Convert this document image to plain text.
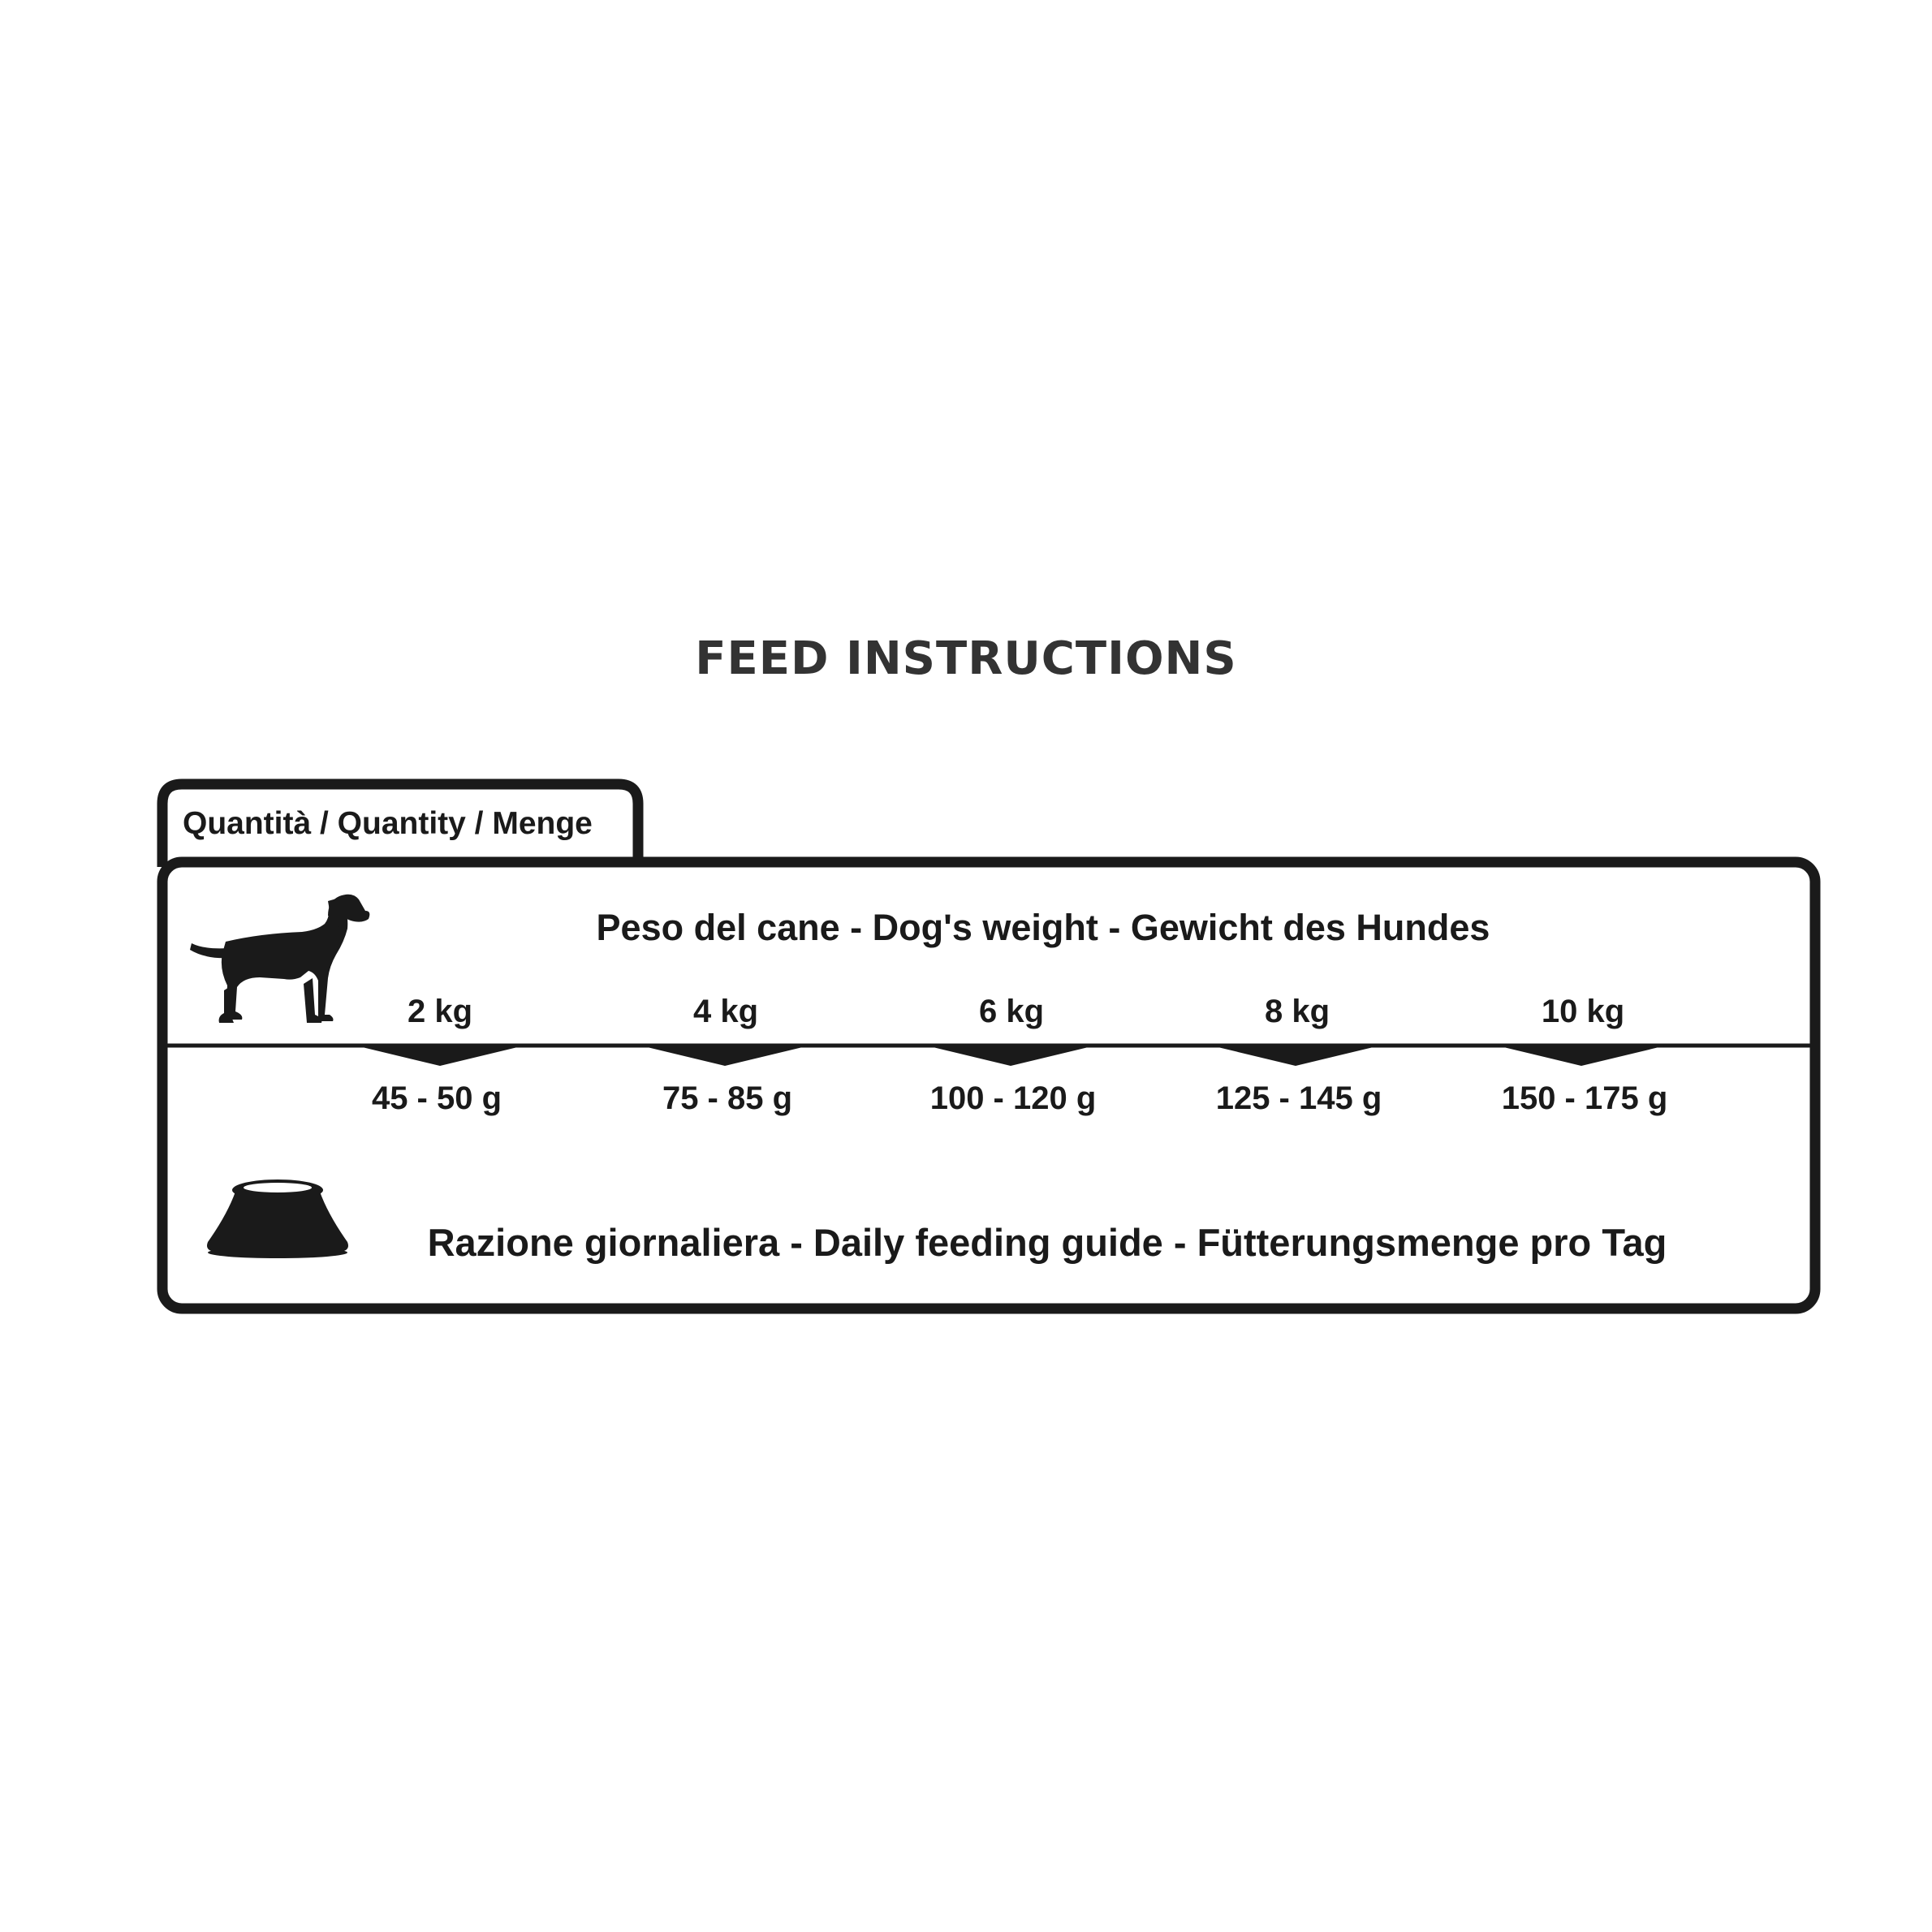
FEED INSTRUCTIONS
Quantità / Quantity / Menge
Peso del cane - Dog's weight - Gewicht des Hundes
2 kg	4 kg	6 kg	8 kg	10 kg
45 - 50 g	75 - 85 g	100 - 120 g	125 - 145 g	150 - 175 g
Razione giornaliera - Daily feeding guide - Fütterungsmenge pro Tag
